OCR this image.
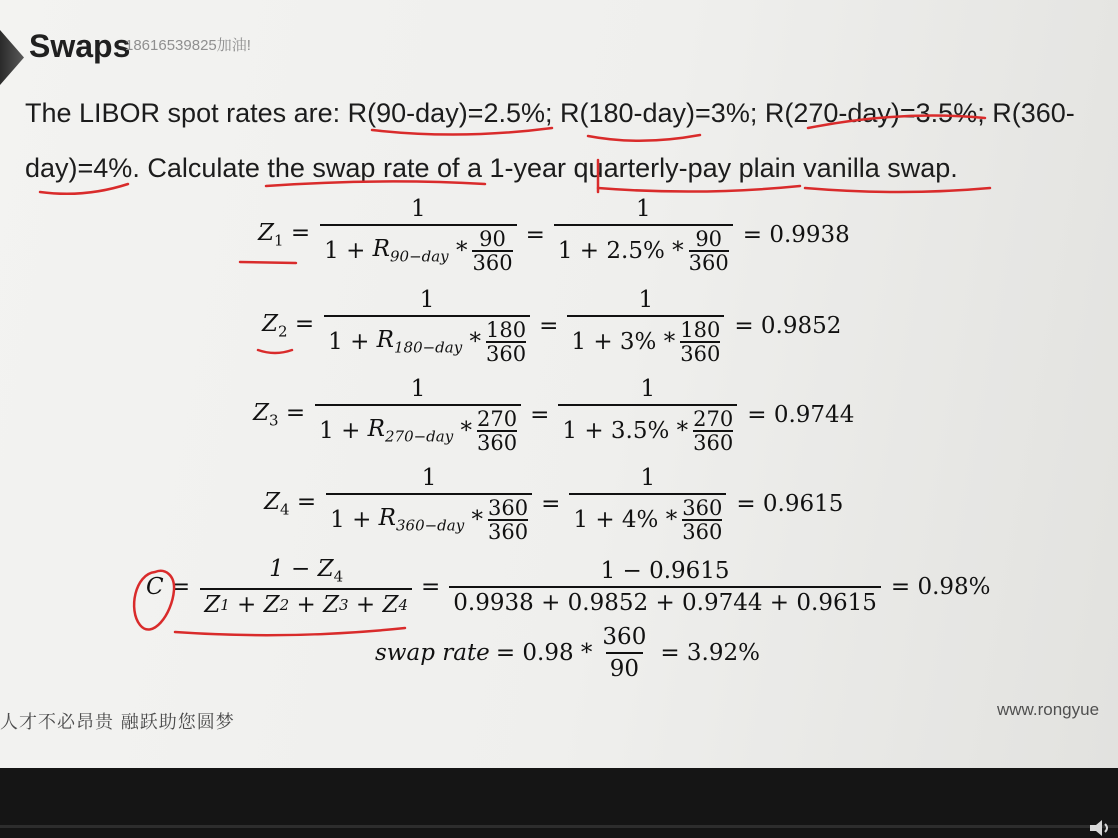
Swaps
18616539825加油!
The LIBOR spot rates are: R(90-day)=2.5%; R(180-day)=3%; R(270-day)=3.5%; R(360-
day)=4%. Calculate the swap rate of a 1-year quarterly-pay plain vanilla swap.
$Z_1 = \frac{1}{1 + R_{90-day} * \frac{90}{360}} = \frac{1}{1 + 2.5\% * \frac{90}{360}} = 0.9938$
$Z_2 = \frac{1}{1 + R_{180-day} * \frac{180}{360}} = \frac{1}{1 + 3\% * \frac{180}{360}} = 0.9852$
$Z_3 = \frac{1}{1 + R_{270-day} * \frac{270}{360}} = \frac{1}{1 + 3.5\% * \frac{270}{360}} = 0.9744$
$Z_4 = \frac{1}{1 + R_{360-day} * \frac{360}{360}} = \frac{1}{1 + 4\% * \frac{360}{360}} = 0.9615$
$C = \frac{1 - Z_4}{Z 1 + Z 2 + Z 3 + Z 4} = \frac{1 - 0.9615}{0.9938 + 0.9852 + 0.9744 + 0.9615} = 0.98\%$
swap rate = $0.98 * \frac{360}{90} = 3.92\%$
人才不必昂贵 融跃助您圆梦
www.rongyue
